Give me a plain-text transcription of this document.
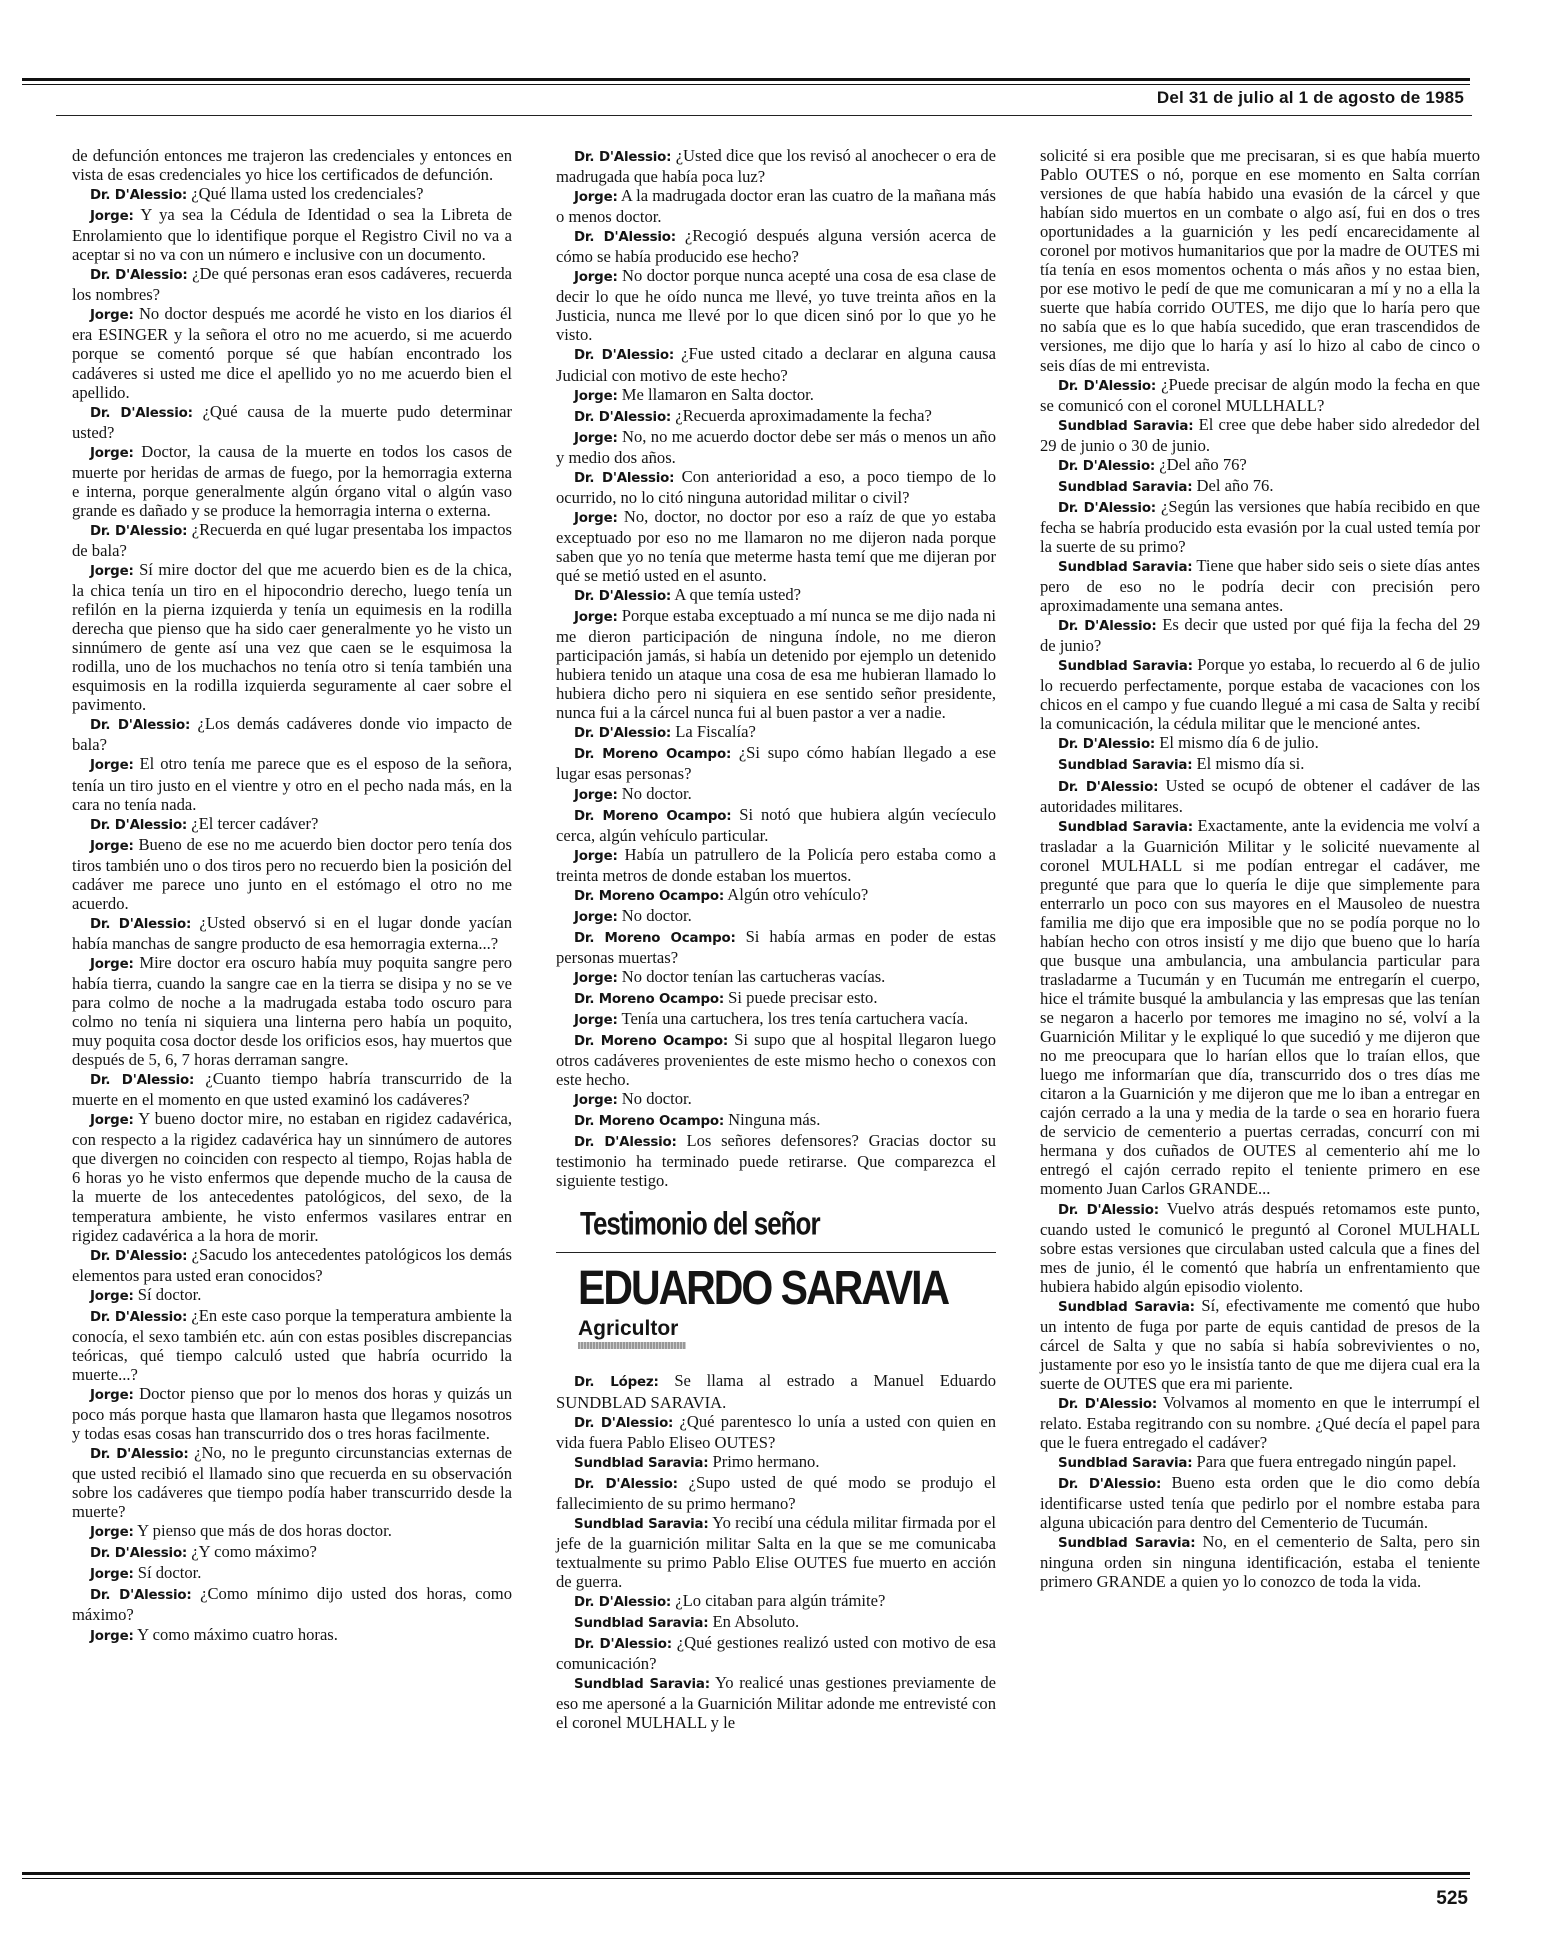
Del 31 de julio al 1 de agosto de 1985

de defunción entonces me trajeron las credenciales y entonces en vista de esas credenciales yo hice los certificados de defunción.

Dr. D'Alessio: ¿Qué llama usted los credenciales?

Jorge: Y ya sea la Cédula de Identidad o sea la Libreta de Enrolamiento que lo identifique porque el Registro Civil no va a aceptar si no va con un número e inclusive con un documento.

Dr. D'Alessio: ¿De qué personas eran esos cadáveres, recuerda los nombres?

Jorge: No doctor después me acordé he visto en los diarios él era ESINGER y la señora el otro no me acuerdo, si me acuerdo porque se comentó porque sé que habían encontrado los cadáveres si usted me dice el apellido yo no me acuerdo bien el apellido.

Dr. D'Alessio: ¿Qué causa de la muerte pudo determinar usted?

Jorge: Doctor, la causa de la muerte en todos los casos de muerte por heridas de armas de fuego, por la hemorragia externa e interna, porque generalmente algún órgano vital o algún vaso grande es dañado y se produce la hemorragia interna o externa.

Dr. D'Alessio: ¿Recuerda en qué lugar presentaba los impactos de bala?

Jorge: Sí mire doctor del que me acuerdo bien es de la chica, la chica tenía un tiro en el hipocondrio derecho, luego tenía un refilón en la pierna izquierda y tenía un equimesis en la rodilla derecha que pienso que ha sido caer generalmente yo he visto un sinnúmero de gente así una vez que caen se le esquimosa la rodilla, uno de los muchachos no tenía otro si tenía también una esquimosis en la rodilla izquierda seguramente al caer sobre el pavimento.

Dr. D'Alessio: ¿Los demás cadáveres donde vio impacto de bala?

Jorge: El otro tenía me parece que es el esposo de la señora, tenía un tiro justo en el vientre y otro en el pecho nada más, en la cara no tenía nada.

Dr. D'Alessio: ¿El tercer cadáver?

Jorge: Bueno de ese no me acuerdo bien doctor pero tenía dos tiros también uno o dos tiros pero no recuerdo bien la posición del cadáver me parece uno junto en el estómago el otro no me acuerdo.

Dr. D'Alessio: ¿Usted observó si en el lugar donde yacían había manchas de sangre producto de esa hemorragia externa...?

Jorge: Mire doctor era oscuro había muy poquita sangre pero había tierra, cuando la sangre cae en la tierra se disipa y no se ve para colmo de noche a la madrugada estaba todo oscuro para colmo no tenía ni siquiera una linterna pero había un poquito, muy poquita cosa doctor desde los orificios esos, hay muertos que después de 5, 6, 7 horas derraman sangre.

Dr. D'Alessio: ¿Cuanto tiempo habría transcurrido de la muerte en el momento en que usted examinó los cadáveres?

Jorge: Y bueno doctor mire, no estaban en rigidez cadavérica, con respecto a la rigidez cadavérica hay un sinnúmero de autores que divergen no coinciden con respecto al tiempo, Rojas habla de 6 horas yo he visto enfermos que depende mucho de la causa de la muerte de los antecedentes patológicos, del sexo, de la temperatura ambiente, he visto enfermos vasilares entrar en rigidez cadavérica a la hora de morir.

Dr. D'Alessio: ¿Sacudo los antecedentes patológicos los demás elementos para usted eran conocidos?

Jorge: Sí doctor.

Dr. D'Alessio: ¿En este caso porque la temperatura ambiente la conocía, el sexo también etc. aún con estas posibles discrepancias teóricas, qué tiempo calculó usted que habría ocurrido la muerte...?

Jorge: Doctor pienso que por lo menos dos horas y quizás un poco más porque hasta que llamaron hasta que llegamos nosotros y todas esas cosas han transcurrido dos o tres horas facilmente.

Dr. D'Alessio: ¿No, no le pregunto circunstancias externas de que usted recibió el llamado sino que recuerda en su observación sobre los cadáveres que tiempo podía haber transcurrido desde la muerte?

Jorge: Y pienso que más de dos horas doctor.

Dr. D'Alessio: ¿Y como máximo?

Jorge: Sí doctor.

Dr. D'Alessio: ¿Como mínimo dijo usted dos horas, como máximo?

Jorge: Y como máximo cuatro horas.

Dr. D'Alessio: ¿Usted dice que los revisó al anochecer o era de madrugada que había poca luz?

Jorge: A la madrugada doctor eran las cuatro de la mañana más o menos doctor.

Dr. D'Alessio: ¿Recogió después alguna versión acerca de cómo se había producido ese hecho?

Jorge: No doctor porque nunca acepté una cosa de esa clase de decir lo que he oído nunca me llevé, yo tuve treinta años en la Justicia, nunca me llevé por lo que dicen sinó por lo que yo he visto.

Dr. D'Alessio: ¿Fue usted citado a declarar en alguna causa Judicial con motivo de este hecho?

Jorge: Me llamaron en Salta doctor.

Dr. D'Alessio: ¿Recuerda aproximadamente la fecha?

Jorge: No, no me acuerdo doctor debe ser más o menos un año y medio dos años.

Dr. D'Alessio: Con anterioridad a eso, a poco tiempo de lo ocurrido, no lo citó ninguna autoridad militar o civil?

Jorge: No, doctor, no doctor por eso a raíz de que yo estaba exceptuado por eso no me llamaron no me dijeron nada porque saben que yo no tenía que meterme hasta temí que me dijeran por qué se metió usted en el asunto.

Dr. D'Alessio: A que temía usted?

Jorge: Porque estaba exceptuado a mí nunca se me dijo nada ni me dieron participación de ninguna índole, no me dieron participación jamás, si había un detenido por ejemplo un detenido hubiera tenido un ataque una cosa de esa me hubieran llamado lo hubiera dicho pero ni siquiera en ese sentido señor presidente, nunca fui a la cárcel nunca fui al buen pastor a ver a nadie.

Dr. D'Alessio: La Fiscalía?

Dr. Moreno Ocampo: ¿Si supo cómo habían llegado a ese lugar esas personas?

Jorge: No doctor.

Dr. Moreno Ocampo: Si notó que hubiera algún vecíeculo cerca, algún vehículo particular.

Jorge: Había un patrullero de la Policía pero estaba como a treinta metros de donde estaban los muertos.

Dr. Moreno Ocampo: Algún otro vehículo?

Jorge: No doctor.

Dr. Moreno Ocampo: Si había armas en poder de estas personas muertas?

Jorge: No doctor tenían las cartucheras vacías.

Dr. Moreno Ocampo: Si puede precisar esto.

Jorge: Tenía una cartuchera, los tres tenía cartuchera vacía.

Dr. Moreno Ocampo: Si supo que al hospital llegaron luego otros cadáveres provenientes de este mismo hecho o conexos con este hecho.

Jorge: No doctor.

Dr. Moreno Ocampo: Ninguna más.

Dr. D'Alessio: Los señores defensores? Gracias doctor su testimonio ha terminado puede retirarse. Que comparezca el siguiente testigo.

Testimonio del señor
EDUARDO SARAVIA
Agricultor

Dr. López: Se llama al estrado a Manuel Eduardo SUNDBLAD SARAVIA.

Dr. D'Alessio: ¿Qué parentesco lo unía a usted con quien en vida fuera Pablo Eliseo OUTES?

Sundblad Saravia: Primo hermano.

Dr. D'Alessio: ¿Supo usted de qué modo se produjo el fallecimiento de su primo hermano?

Sundblad Saravia: Yo recibí una cédula militar firmada por el jefe de la guarnición militar Salta en la que se me comunicaba textualmente su primo Pablo Elise OUTES fue muerto en acción de guerra.

Dr. D'Alessio: ¿Lo citaban para algún trámite?

Sundblad Saravia: En Absoluto.

Dr. D'Alessio: ¿Qué gestiones realizó usted con motivo de esa comunicación?

Sundblad Saravia: Yo realicé unas gestiones previamente de eso me apersoné a la Guarnición Militar adonde me entrevisté con el coronel MULHALL y le

solicité si era posible que me precisaran, si es que había muerto Pablo OUTES o nó, porque en ese momento en Salta corrían versiones de que había habido una evasión de la cárcel y que habían sido muertos en un combate o algo así, fui en dos o tres oportunidades a la guarnición y les pedí encarecidamente al coronel por motivos humanitarios que por la madre de OUTES mi tía tenía en esos momentos ochenta o más años y no estaa bien, por ese motivo le pedí de que me comunicaran a mí y no a ella la suerte que había corrido OUTES, me dijo que lo haría pero que no sabía que es lo que había sucedido, que eran trascendidos de versiones, me dijo que lo haría y así lo hizo al cabo de cinco o seis días de mi entrevista.

Dr. D'Alessio: ¿Puede precisar de algún modo la fecha en que se comunicó con el coronel MULLHALL?

Sundblad Saravia: El cree que debe haber sido alrededor del 29 de junio o 30 de junio.

Dr. D'Alessio: ¿Del año 76?

Sundblad Saravia: Del año 76.

Dr. D'Alessio: ¿Según las versiones que había recibido en que fecha se habría producido esta evasión por la cual usted temía por la suerte de su primo?

Sundblad Saravia: Tiene que haber sido seis o siete días antes pero de eso no le podría decir con precisión pero aproximadamente una semana antes.

Dr. D'Alessio: Es decir que usted por qué fija la fecha del 29 de junio?

Sundblad Saravia: Porque yo estaba, lo recuerdo al 6 de julio lo recuerdo perfectamente, porque estaba de vacaciones con los chicos en el campo y fue cuando llegué a mi casa de Salta y recibí la comunicación, la cédula militar que le mencioné antes.

Dr. D'Alessio: El mismo día 6 de julio.

Sundblad Saravia: El mismo día si.

Dr. D'Alessio: Usted se ocupó de obtener el cadáver de las autoridades militares.

Sundblad Saravia: Exactamente, ante la evidencia me volví a trasladar a la Guarnición Militar y le solicité nuevamente al coronel MULHALL si me podían entregar el cadáver, me pregunté que para que lo quería le dije que simplemente para enterrarlo un poco con sus mayores en el Mausoleo de nuestra familia me dijo que era imposible que no se podía porque no lo habían hecho con otros insistí y me dijo que bueno que lo haría que busque una ambulancia, una ambulancia particular para trasladarme a Tucumán y en Tucumán me entregarín el cuerpo, hice el trámite busqué la ambulancia y las empresas que las tenían se negaron a hacerlo por temores me imagino no sé, volví a la Guarnición Militar y le expliqué lo que sucedió y me dijeron que no me preocupara que lo harían ellos que lo traían ellos, que luego me informarían que día, transcurrido dos o tres días me citaron a la Guarnición y me dijeron que me lo iban a entregar en cajón cerrado a la una y media de la tarde o sea en horario fuera de servicio de cementerio a puertas cerradas, concurrí con mi hermana y dos cuñados de OUTES al cementerio ahí me lo entregó el cajón cerrado repito el teniente primero en ese momento Juan Carlos GRANDE...

Dr. D'Alessio: Vuelvo atrás después retomamos este punto, cuando usted le comunicó le preguntó al Coronel MULHALL sobre estas versiones que circulaban usted calcula que a fines del mes de junio, él le comentó que habría un enfrentamiento que hubiera habido algún episodio violento.

Sundblad Saravia: Sí, efectivamente me comentó que hubo un intento de fuga por parte de equis cantidad de presos de la cárcel de Salta y que no sabía si había sobrevivientes o no, justamente por eso yo le insistía tanto de que me dijera cual era la suerte de OUTES que era mi pariente.

Dr. D'Alessio: Volvamos al momento en que le interrumpí el relato. Estaba regitrando con su nombre. ¿Qué decía el papel para que le fuera entregado el cadáver?

Sundblad Saravia: Para que fuera entregado ningún papel.

Dr. D'Alessio: Bueno esta orden que le dio como debía identificarse usted tenía que pedirlo por el nombre estaba para alguna ubicación para dentro del Cementerio de Tucumán.

Sundblad Saravia: No, en el cementerio de Salta, pero sin ninguna orden sin ninguna identificación, estaba el teniente primero GRANDE a quien yo lo conozco de toda la vida.

525
